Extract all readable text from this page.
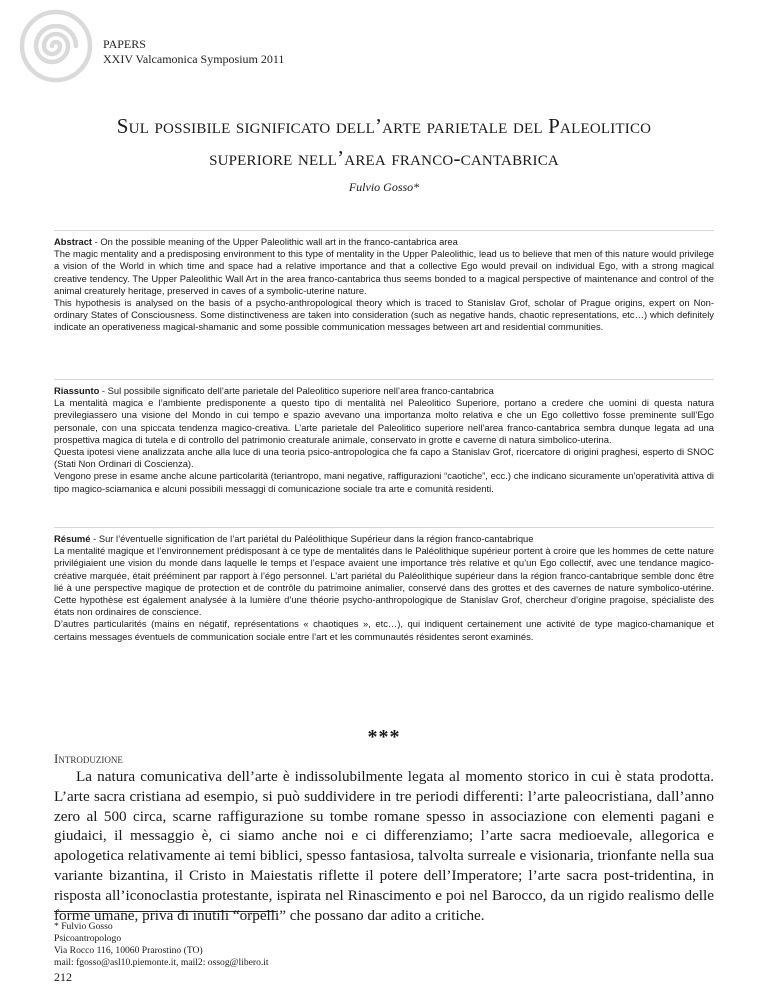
PAPERS
XXIV Valcamonica Symposium 2011
Sul possibile significato dell’arte parietale del Paleolitico
superiore nell’area franco-cantabrica
Fulvio Gosso*

Abstract - On the possible meaning of the Upper Paleolithic wall art in the franco-cantabrica area

The magic mentality and a predisposing environment to this type of mentality in the Upper Paleolithic, lead us to believe that men of this nature would privilege a vision of the World in which time and space had a relative importance and that a collective Ego would prevail on individual Ego, with a strong magical creative tendency. The Upper Paleolithic Wall Art in the area franco-cantabrica thus seems bonded to a magical perspective of maintenance and control of the animal creaturely heritage, preserved in caves of a symbolic-uterine nature.

This hypothesis is analysed on the basis of a psycho-anthropological theory which is traced to Stanislav Grof, scholar of Prague origins, expert on Non-ordinary States of Consciousness. Some distinctiveness are taken into consideration (such as negative hands, chaotic representations, etc…) which definitely indicate an operativeness magical-shamanic and some possible communication messages between art and residential communities.

Riassunto - Sul possibile significato dell’arte parietale del Paleolitico superiore nell’area franco-cantabrica

La mentalità magica e l’ambiente predisponente a questo tipo di mentalità nel Paleolitico Superiore, portano a credere che uomini di questa natura previlegiassero una visione del Mondo in cui tempo e spazio avevano una importanza molto relativa e che un Ego collettivo fosse preminente sull’Ego personale, con una spiccata tendenza magico-creativa. L’arte parietale del Paleolitico superiore nell’area franco-cantabrica sembra dunque legata ad una prospettiva magica di tutela e di controllo del patrimonio creaturale animale, conservato in grotte e caverne di natura simbolico-uterina.

Questa ipotesi viene analizzata anche alla luce di una teoria psico-antropologica che fa capo a Stanislav Grof, ricercatore di origini praghesi, esperto di SNOC (Stati Non Ordinari di Coscienza).

Vengono prese in esame anche alcune particolarità (teriantropo, mani negative, raffigurazioni “caotiche”, ecc.) che indicano sicuramente un’operatività attiva di tipo magico-sciamanica e alcuni possibili messaggi di comunicazione sociale tra arte e comunità residenti.

Résumé - Sur l’éventuelle signification de l’art pariétal du Paléolithique Supérieur dans la région franco-cantabrique

La mentalité magique et l’environnement prédisposant à ce type de mentalités dans le Paléolithique supérieur portent à croire que les hommes de cette nature privilégiaient une vision du monde dans laquelle le temps et l’espace avaient une importance très relative et qu’un Ego collectif, avec une tendance magico-créative marquée, était prééminent par rapport à l’égo personnel. L’art pariétal du Paléolithique supérieur dans la région franco-cantabrique semble donc être lié à une perspective magique de protection et de contrôle du patrimoine animalier, conservé dans des grottes et des cavernes de nature symbolico-utérine. Cette hypothèse est également analysée à la lumière d’une théorie psycho-anthropologique de Stanislav Grof, chercheur d’origine pragoise, spécialiste des états non ordinaires de conscience.

D’autres particularités (mains en négatif, représentations « chaotiques », etc…), qui indiquent certainement une activité de type magico-chamanique et certains messages éventuels de communication sociale entre l’art et les communautés résidentes seront examinés.

***
Introduzione
La natura comunicativa dell’arte è indissolubilmente legata al momento storico in cui è stata prodotta. L’arte sacra cristiana ad esempio, si può suddividere in tre periodi differenti: l’arte paleocristiana, dall’anno zero al 500 circa, scarne raffigurazione su tombe romane spesso in associazione con elementi pagani e giudaici, il messaggio è, ci siamo anche noi e ci differenziamo; l’arte sacra medioevale, allegorica e apologetica relativamente ai temi biblici, spesso fantasiosa, talvolta surreale e visionaria, trionfante nella sua variante bizantina, il Cristo in Maiestatis riflette il potere dell’Imperatore; l’arte sacra post-tridentina, in risposta all’iconoclastia protestante, ispirata nel Rinascimento e poi nel Barocco, da un rigido realismo delle forme umane, priva di inutili “orpelli” che possano dar adito a critiche.
* Fulvio Gosso
Psicoantropologo
Via Rocco 116, 10060 Prarostino (TO)
mail: fgosso@asl10.piemonte.it, mail2: ossog@libero.it
212
